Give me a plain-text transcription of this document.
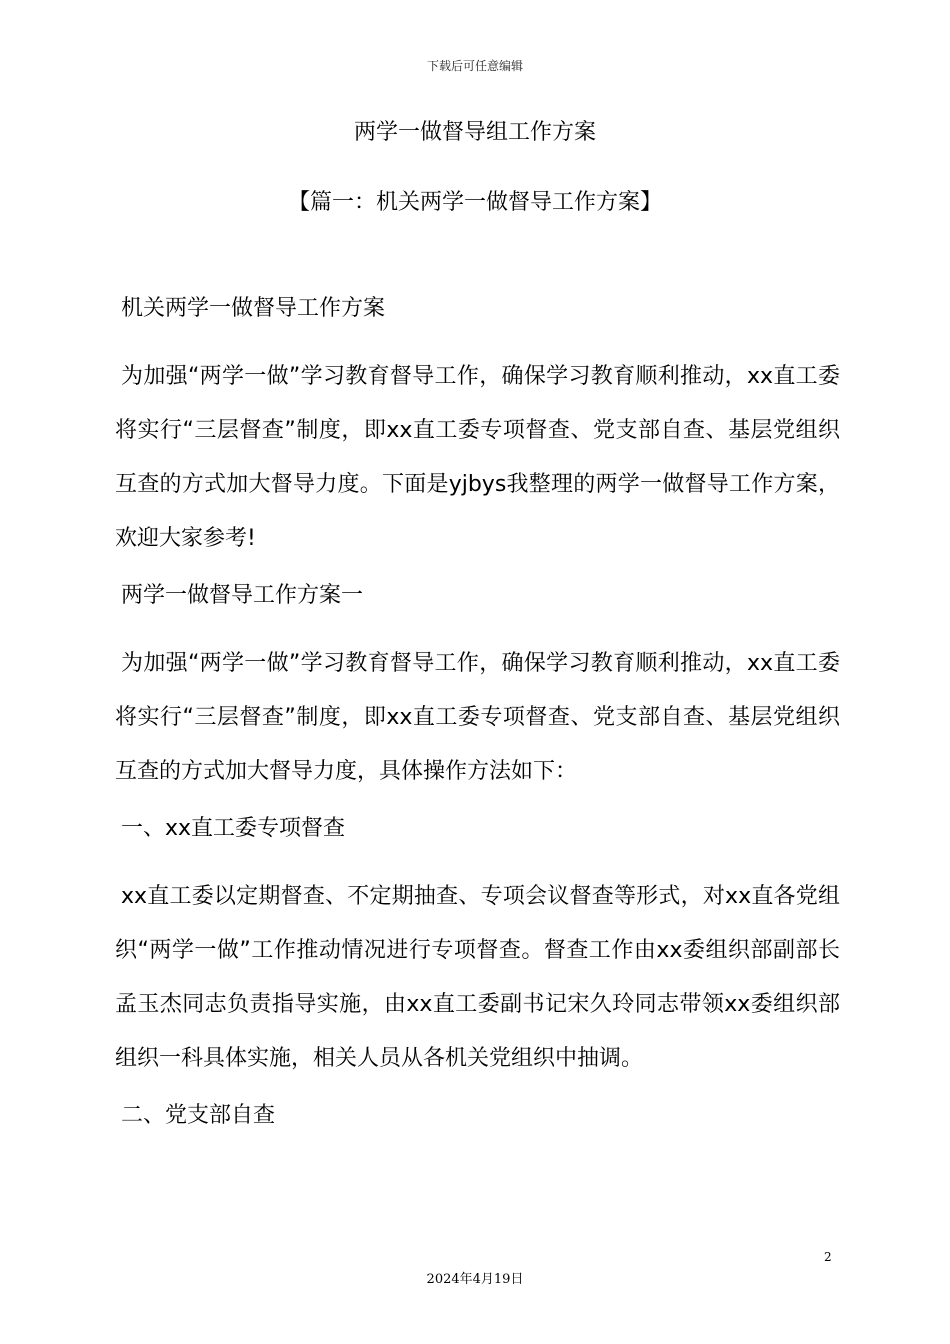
下载后可任意编辑
两学一做督导组工作方案
【篇一：机关两学一做督导工作方案】

机关两学一做督导工作方案

为加强“两学一做”学习教育督导工作，确保学习教育顺利推动，xx直工委将实行“三层督查”制度，即xx直工委专项督查、党支部自查、基层党组织互查的方式加大督导力度。下面是yjbys我整理的两学一做督导工作方案，欢迎大家参考!

两学一做督导工作方案一

为加强“两学一做”学习教育督导工作，确保学习教育顺利推动，xx直工委将实行“三层督查”制度，即xx直工委专项督查、党支部自查、基层党组织互查的方式加大督导力度，具体操作方法如下：

一、xx直工委专项督查

xx直工委以定期督查、不定期抽查、专项会议督查等形式，对xx直各党组织“两学一做”工作推动情况进行专项督查。督查工作由xx委组织部副部长孟玉杰同志负责指导实施，由xx直工委副书记宋久玲同志带领xx委组织部组织一科具体实施，相关人员从各机关党组织中抽调。

二、党支部自查

2
2024年4月19日
